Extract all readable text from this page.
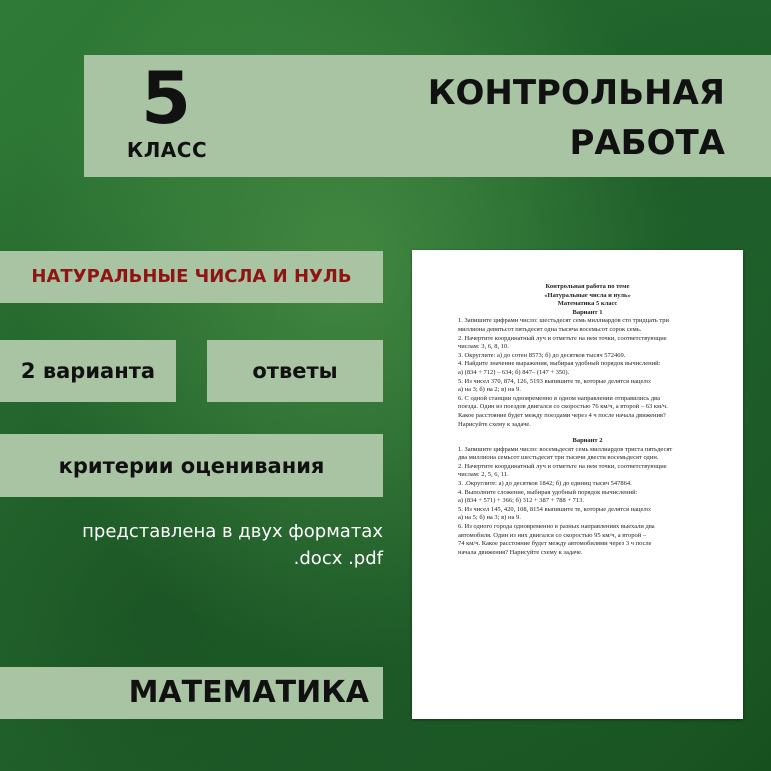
5
КЛАСС
КОНТРОЛЬНАЯ
РАБОТА
НАТУРАЛЬНЫЕ ЧИСЛА И НУЛЬ
2 варианта	ответы
критерии оценивания
представлена в двух форматах
.docx .pdf
МАТЕМАТИКА
Контрольная работа по теме
«Натуральные числа и нуль»
Математика 5 класс
Вариант 1
1. Запишите цифрами число: шестьдесят семь миллиардов сто тридцать три
миллиона девятьсот пятьдесят одна тысяча восемьсот сорок семь.
2. Начертите координатный луч и отметьте на нем точки, соответствующие
числам: 3, 6, 8, 10.
3. Округлите: а) до сотен 8573; б) до десятков тысяч 572469.
4. Найдите значение выражения, выбирая удобный порядок вычислений:
а) (834 + 712) – 634; б) 847– (147 + 350).
5. Из чисел 370, 874, 126, 5193 выпишите те, которые делятся нацело:
а) на 3; б) на 2; в) на 9.
6. С одной станции одновременно в одном направлении отправились два
поезда. Один из поездов двигался со скоростью 76 км/ч, а второй – 63 км/ч.
Какое расстояние будет между поездами через 4 ч после начала движения?
Нарисуйте схему к задаче.
Вариант 2
1. Запишите цифрами число: восемьдесят семь миллиардов триста пятьдесят
два миллиона семьсот шестьдесят три тысячи двести восемьдесят один.
2. Начертите координатный луч и отметьте на нем точки, соответствующие
числам: 2, 5, 6, 11.
3. .Округлите: а) до десятков 1842; б) до единиц тысяч 547864.
4. Выполните сложение, выбирая удобный порядок вычислений:
а) (834 + 571) + 366; б) 312 + 387 + 788 + 713.
5. Из чисел 145, 420, 108, 8154 выпишите те, которые делятся нацело:
а) на 5; б) на 3; в) на 9.
6. Из одного города одновременно в разных направлениях выехали два
автомобиля. Один из них двигался со скоростью 95 км/ч, а второй –
74 км/ч. Какое расстояние будет между автомобилями через 3 ч после
начала движения? Нарисуйте схему к задаче.
